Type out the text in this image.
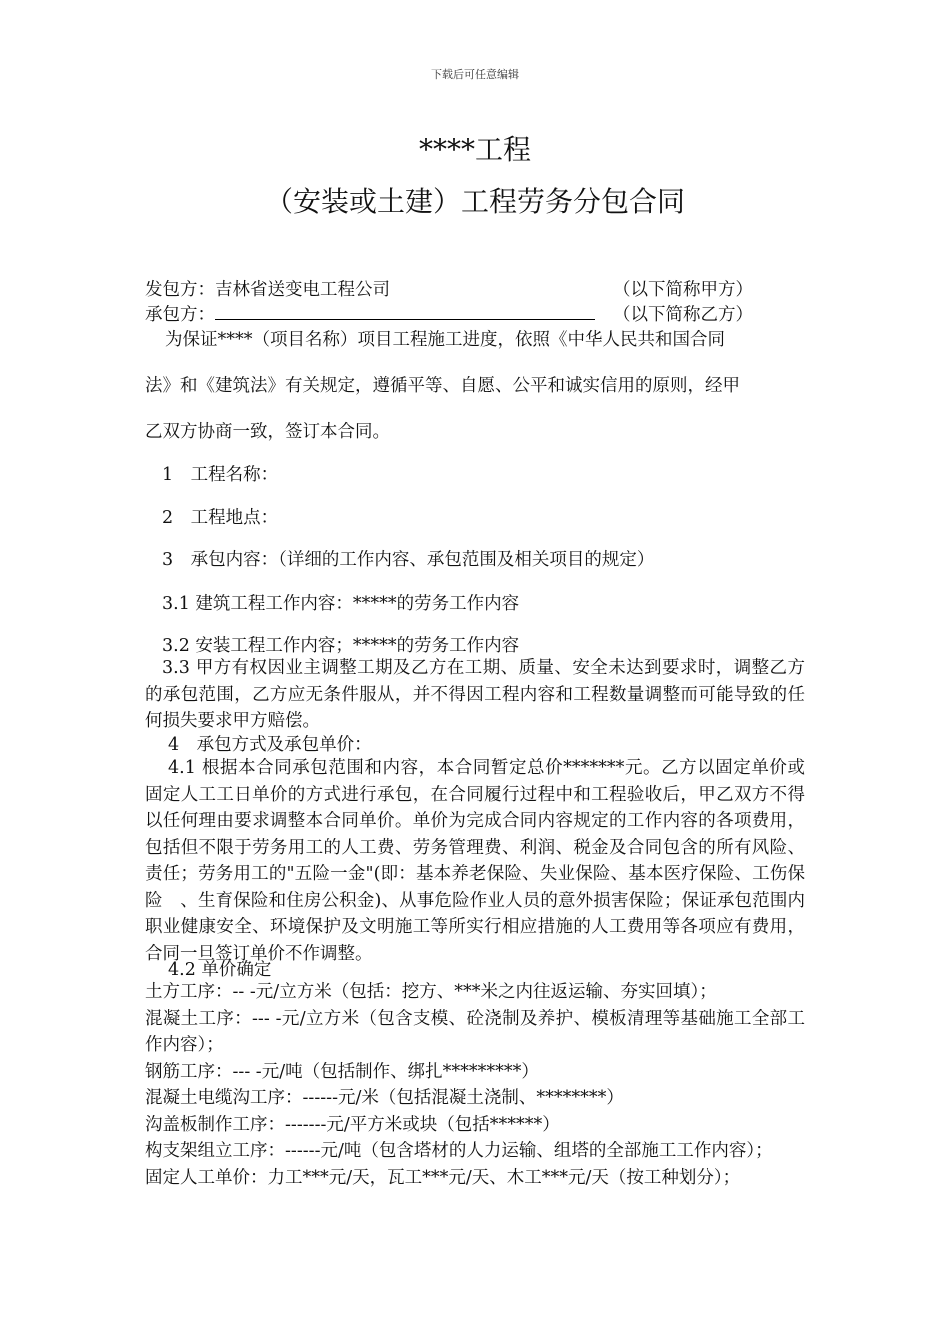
下载后可任意编辑
****工程
（安装或土建）工程劳务分包合同
发包方：吉林省送变电工程公司	（以下简称甲方）
承包方：	（以下简称乙方）
为保证****（项目名称）项目工程施工进度，依照《中华人民共和国合同
法》和《建筑法》有关规定，遵循平等、自愿、公平和诚实信用的原则，经甲
乙双方协商一致，签订本合同。
1　工程名称：
2　工程地点：
3　承包内容：（详细的工作内容、承包范围及相关项目的规定）
3.1 建筑工程工作内容：*****的劳务工作内容
3.2 安装工程工作内容；*****的劳务工作内容

3.3 甲方有权因业主调整工期及乙方在工期、质量、安全未达到要求时，调整乙方的承包范围，乙方应无条件服从，并不得因工程内容和工程数量调整而可能导致的任何损失要求甲方赔偿。

4　承包方式及承包单价：

4.1 根据本合同承包范围和内容，本合同暂定总价*******元。乙方以固定单价或固定人工工日单价的方式进行承包，在合同履行过程中和工程验收后，甲乙双方不得以任何理由要求调整本合同单价。单价为完成合同内容规定的工作内容的各项费用，包括但不限于劳务用工的人工费、劳务管理费、利润、税金及合同包含的所有风险、责任；劳务用工的"五险一金"(即：基本养老保险、失业保险、基本医疗保险、工伤保险　、生育保险和住房公积金)、从事危险作业人员的意外损害保险；保证承包范围内职业健康安全、环境保护及文明施工等所实行相应措施的人工费用等各项应有费用，合同一旦签订单价不作调整。

4.2 单价确定

土方工序：-- -元/立方米（包括：挖方、***米之内往返运输、夯实回填）；

混凝土工序：--- -元/立方米（包含支模、砼浇制及养护、模板清理等基础施工全部工作内容）；

钢筋工序：--- -元/吨（包括制作、绑扎*********）

混凝土电缆沟工序：------元/米（包括混凝土浇制、********）

沟盖板制作工序：-------元/平方米或块（包括******）

构支架组立工序：------元/吨（包含塔材的人力运输、组塔的全部施工工作内容）；

固定人工单价：力工***元/天，瓦工***元/天、木工***元/天（按工种划分）；
